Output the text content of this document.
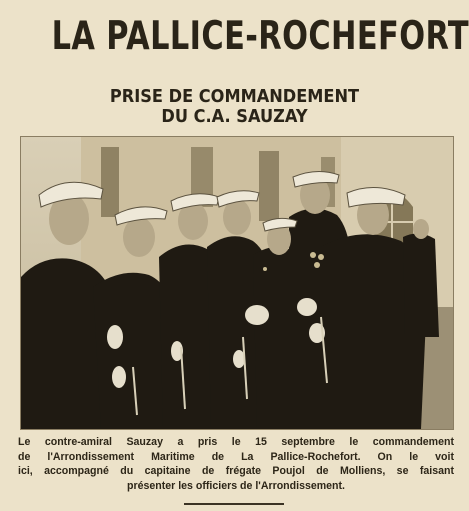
LA PALLICE-ROCHEFORT
PRISE DE COMMANDEMENT
DU C.A. SAUZAY

Le contre-amiral Sauzay a pris le 15 septembre le commandement

de l'Arrondissement Maritime de La Pallice-Rochefort. On le voit

ici, accompagné du capitaine de frégate Poujol de Molliens, se faisant

présenter les officiers de l'Arrondissement.
